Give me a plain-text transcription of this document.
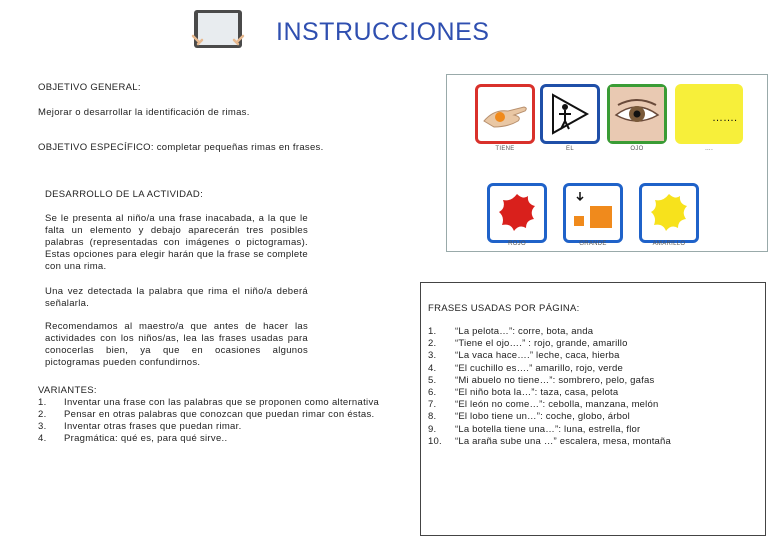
INSTRUCCIONES
OBJETIVO GENERAL:
Mejorar o desarrollar la identificación de rimas.
OBJETIVO ESPECÍFICO: completar pequeñas rimas en frases.
DESARROLLO DE LA ACTIVIDAD:
Se le presenta al niño/a una frase inacabada, a la que le falta un elemento y debajo aparecerán tres posibles palabras (representadas con imágenes o pictogramas). Estas opciones para elegir harán que la frase se complete con una rima.
Una vez detectada la palabra que rima el niño/a deberá señalarla.
Recomendamos al maestro/a que antes de hacer las actividades con los niños/as, lea las frases usadas para conocerlas bien, ya que en ocasiones algunos pictogramas pueden confundirnos.
VARIANTES:
1.	Inventar una frase con las palabras que se proponen como alternativa
2.	Pensar en otras palabras que conozcan que puedan rimar con éstas.
3.	Inventar otras frases que puedan rimar.
4.	Pragmática: qué es, para qué sirve..
TIENE	EL	OJO
…….
….
ROJO	GRANDE	AMARILLO
FRASES USADAS POR PÁGINA:
1.	“La pelota…”: corre, bota, anda
2.	“Tiene el ojo….” : rojo, grande, amarillo
3.	“La vaca hace….” leche, caca, hierba
4.	“El cuchillo es….” amarillo, rojo, verde
5.	“Mi abuelo no tiene…”: sombrero, pelo, gafas
6.	“El niño bota la…”: taza, casa, pelota
7.	“El león no come…”: cebolla, manzana, melón
8.	“El lobo tiene un…”: coche, globo, árbol
9.	“La botella tiene una…”: luna, estrella, flor
10.	“La araña sube una …” escalera, mesa, montaña
